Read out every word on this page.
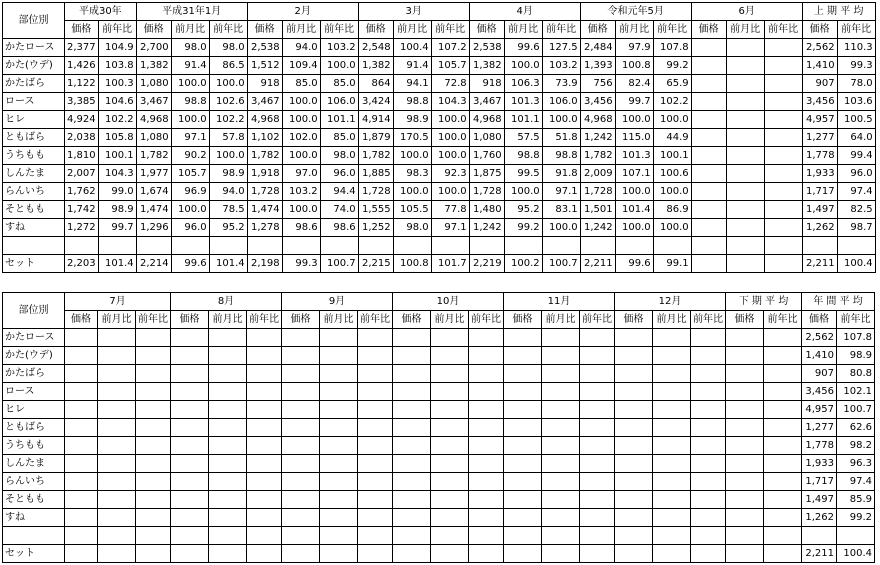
部位別	平成30年		平成31年1月			2月			3月			4月			令和元年5月			6月			上 期 平 均	
	価格	前年比	価格	前月比	前年比	価格	前月比	前年比	価格	前月比	前年比	価格	前月比	前年比	価格	前月比	前年比	価格	前月比	前年比	価格	前年比
かたロース	2,377	104.9	2,700	98.0	98.0	2,538	94.0	103.2	2,548	100.4	107.2	2,538	99.6	127.5	2,484	97.9	107.8				2,562	110.3
かた(ウデ)	1,426	103.8	1,382	91.4	86.5	1,512	109.4	100.0	1,382	91.4	105.7	1,382	100.0	103.2	1,393	100.8	99.2				1,410	99.3
かたばら	1,122	100.3	1,080	100.0	100.0	918	85.0	85.0	864	94.1	72.8	918	106.3	73.9	756	82.4	65.9				907	78.0
ロース	3,385	104.6	3,467	98.8	102.6	3,467	100.0	106.0	3,424	98.8	104.3	3,467	101.3	106.0	3,456	99.7	102.2				3,456	103.6
ヒレ	4,924	102.2	4,968	100.0	102.2	4,968	100.0	101.1	4,914	98.9	100.0	4,968	101.1	100.0	4,968	100.0	100.0				4,957	100.5
ともばら	2,038	105.8	1,080	97.1	57.8	1,102	102.0	85.0	1,879	170.5	100.0	1,080	57.5	51.8	1,242	115.0	44.9				1,277	64.0
うちもも	1,810	100.1	1,782	90.2	100.0	1,782	100.0	98.0	1,782	100.0	100.0	1,760	98.8	98.8	1,782	101.3	100.1				1,778	99.4
しんたま	2,007	104.3	1,977	105.7	98.9	1,918	97.0	96.0	1,885	98.3	92.3	1,875	99.5	91.8	2,009	107.1	100.6				1,933	96.0
らんいち	1,762	99.0	1,674	96.9	94.0	1,728	103.2	94.4	1,728	100.0	100.0	1,728	100.0	97.1	1,728	100.0	100.0				1,717	97.4
そともも	1,742	98.9	1,474	100.0	78.5	1,474	100.0	74.0	1,555	105.5	77.8	1,480	95.2	83.1	1,501	101.4	86.9				1,497	82.5
すね	1,272	99.7	1,296	96.0	95.2	1,278	98.6	98.6	1,252	98.0	97.1	1,242	99.2	100.0	1,242	100.0	100.0				1,262	98.7

セット	2,203	101.4	2,214	99.6	101.4	2,198	99.3	100.7	2,215	100.8	101.7	2,219	100.2	100.7	2,211	99.6	99.1				2,211	100.4
部位別	7月			8月			9月			10月			11月			12月			下 期 平 均		年 間 平 均	
	価格	前月比	前年比	価格	前月比	前年比	価格	前月比	前年比	価格	前月比	前年比	価格	前月比	前年比	価格	前月比	前年比	価格	前年比	価格	前年比
かたロース																					2,562	107.8
かた(ウデ)																					1,410	98.9
かたばら																					907	80.8
ロース																					3,456	102.1
ヒレ																					4,957	100.7
ともばら																					1,277	62.6
うちもも																					1,778	98.2
しんたま																					1,933	96.3
らんいち																					1,717	97.4
そともも																					1,497	85.9
すね																					1,262	99.2

セット																					2,211	100.4
